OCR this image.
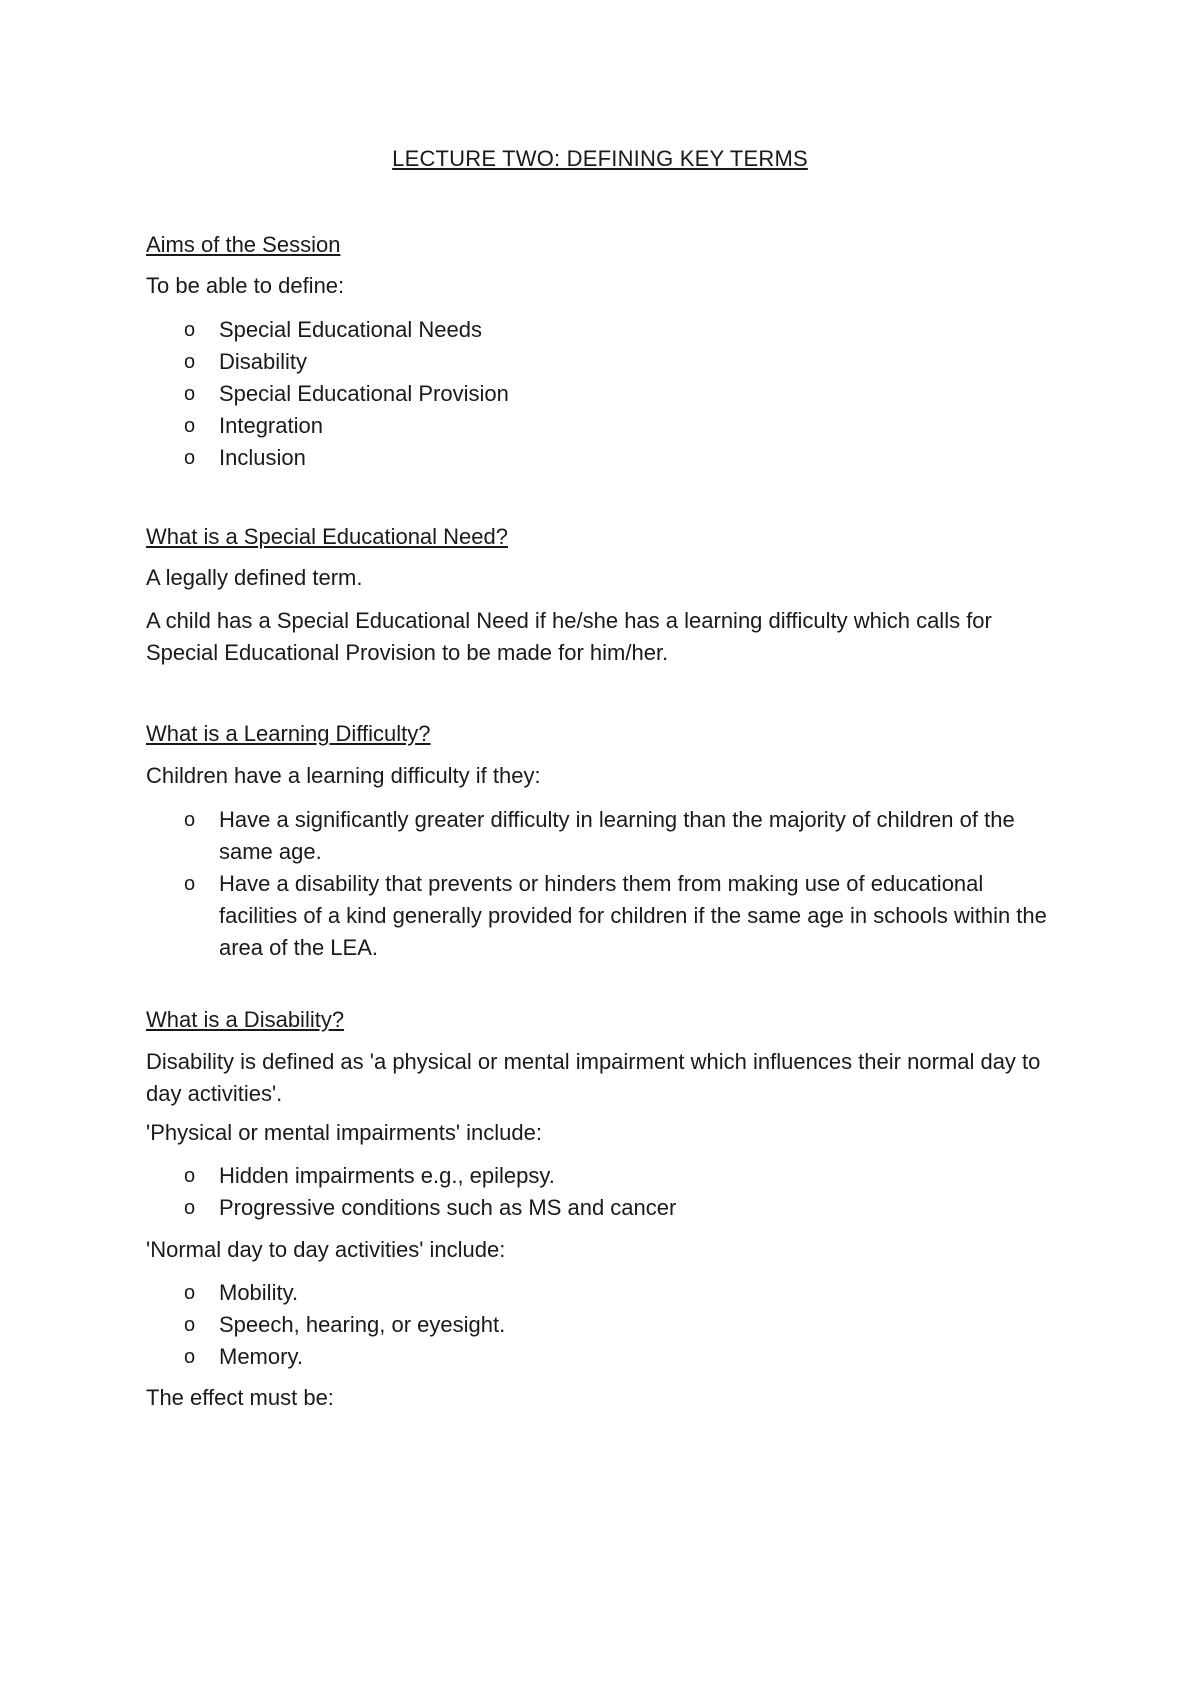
LECTURE TWO: DEFINING KEY TERMS
Aims of the Session
To be able to define:
o Special Educational Needs
o Disability
o Special Educational Provision
o Integration
o Inclusion
What is a Special Educational Need?
A legally defined term.
A child has a Special Educational Need if he/she has a learning difficulty which calls for Special Educational Provision to be made for him/her.
What is a Learning Difficulty?
Children have a learning difficulty if they:
o Have a significantly greater difficulty in learning than the majority of children of the same age.
o Have a disability that prevents or hinders them from making use of educational facilities of a kind generally provided for children if the same age in schools within the area of the LEA.
What is a Disability?
Disability is defined as 'a physical or mental impairment which influences their normal day to day activities'.
'Physical or mental impairments' include:
o Hidden impairments e.g., epilepsy.
o Progressive conditions such as MS and cancer
'Normal day to day activities' include:
o Mobility.
o Speech, hearing, or eyesight.
o Memory.
The effect must be:
